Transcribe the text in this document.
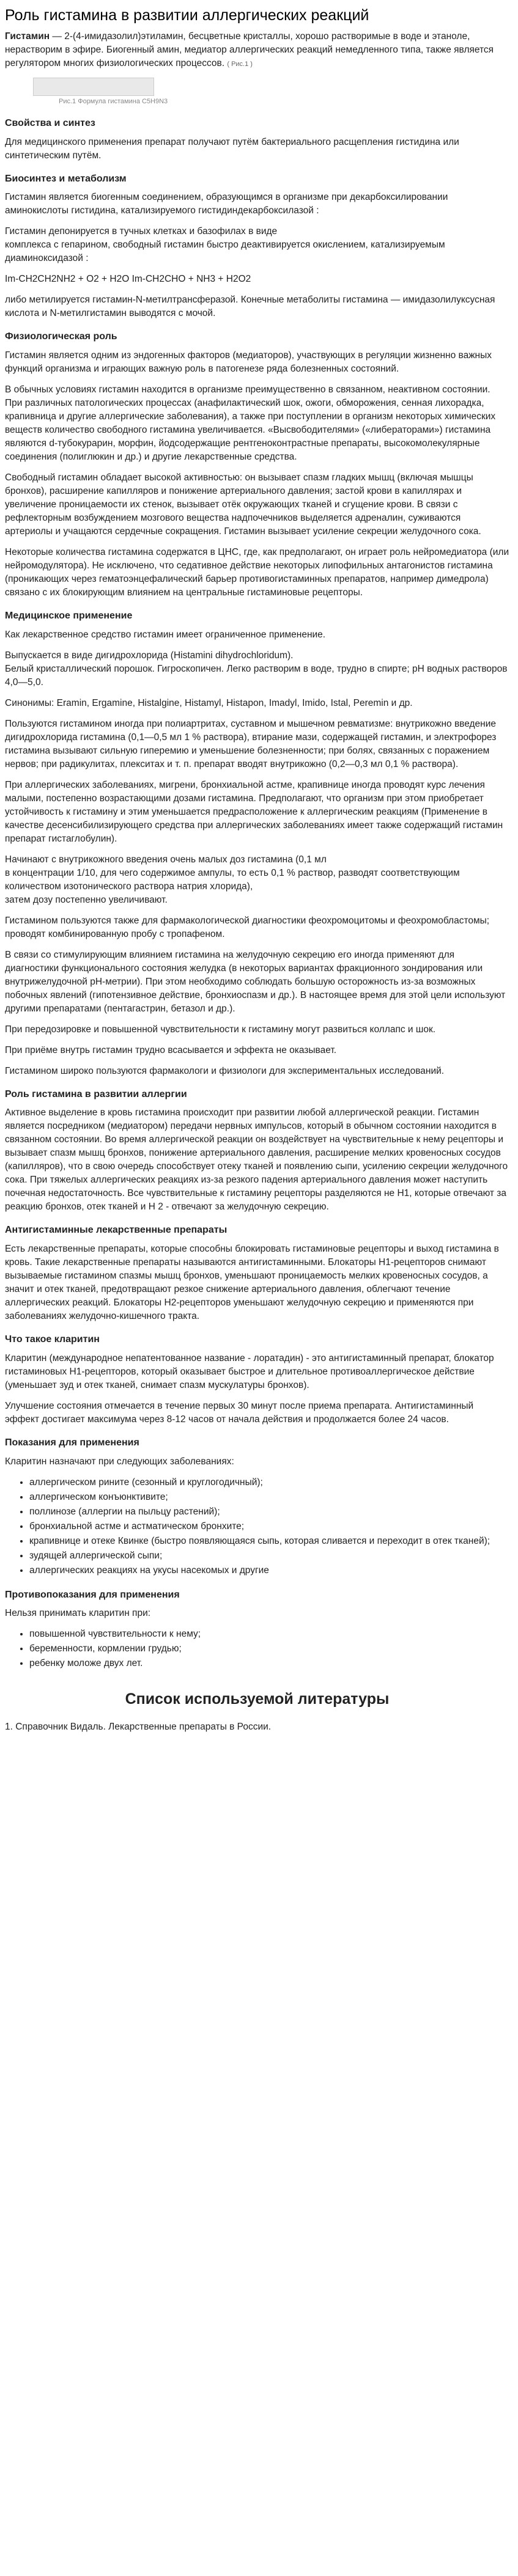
Роль гистамина в развитии аллергических реакций

Гистамин — 2-(4-имидазолил)этиламин, бесцветные кристаллы, хорошо растворимые в воде и этаноле, нерастворим в эфире. Биогенный амин, медиатор аллергических реакций немедленного типа, также является регулятором многих физиологических процессов. ( Рис.1 )

Рис.1 Формула гистамина C5H9N3
Свойства и синтез

Для медицинского применения препарат получают путём бактериального расщепления гистидина или синтетическим путём.

Биосинтез и метаболизм

Гистамин является биогенным соединением, образующимся в организме при декарбоксилировании аминокислоты гистидина, катализируемого гистидиндекарбоксилазой :

Гистамин депонируется в тучных клетках и базофилах в виде
комплекса с гепарином, свободный гистамин быстро деактивируется окислением, катализируемым диаминоксидазой :

Im-CH2CH2NH2 + O2 + H2O Im-CH2CHO + NH3 + H2O2

либо метилируется гистамин-N-метилтрансферазой. Конечные метаболиты гистамина — имидазолилуксусная кислота и N-метилгистамин выводятся с мочой.

Физиологическая роль

Гистамин является одним из эндогенных факторов (медиаторов), участвующих в регуляции жизненно важных функций организма и играющих важную роль в патогенезе ряда болезненных состояний.

В обычных условиях гистамин находится в организме преимущественно в связанном, неактивном состоянии. При различных патологических процессах (анафилактический шок, ожоги, обморожения, сенная лихорадка, крапивница и другие аллергические заболевания), а также при поступлении в организм некоторых химических веществ количество свободного гистамина увеличивается. «Высвободителями» («либераторами») гистамина являются d-тубокурарин, морфин, йодсодержащие рентгеноконтрастные препараты, высокомолекулярные соединения (полиглюкин и др.) и другие лекарственные средства.

Свободный гистамин обладает высокой активностью: он вызывает спазм гладких мышц (включая мышцы бронхов), расширение капилляров и понижение артериального давления; застой крови в капиллярах и увеличение проницаемости их стенок, вызывает отёк окружающих тканей и сгущение крови. В связи с рефлекторным возбуждением мозгового вещества надпочечников выделяется адреналин, суживаются артериолы и учащаются сердечные сокращения. Гистамин вызывает усиление секреции желудочного сока.

Некоторые количества гистамина содержатся в ЦНС, где, как предполагают, он играет роль нейромедиатора (или нейромодулятора). Не исключено, что седативное действие некоторых липофильных антагонистов гистамина (проникающих через гематоэнцефалический барьер противогистаминных препаратов, например димедрола) связано с их блокирующим влиянием на центральные гистаминовые рецепторы.

Медицинское применение

Как лекарственное средство гистамин имеет ограниченное применение.

Выпускается в виде дигидрохлорида (Histamini dihydrochloridum).
Белый кристаллический порошок. Гигроскопичен. Легко растворим в воде, трудно в спирте; pH водных растворов 4,0—5,0.

Синонимы: Eramin, Ergamine, Histalgine, Histamyl, Histapon, Imadyl, Imido, Istal, Peremin и др.

Пользуются гистамином иногда при полиартритах, суставном и мышечном ревматизме: внутрикожно введение дигидрохлорида гистамина (0,1—0,5 мл 1 % раствора), втирание мази, содержащей гистамин, и электрофорез гистамина вызывают сильную гиперемию и уменьшение болезненности; при болях, связанных с поражением нервов; при радикулитах, плекситах и т. п. препарат вводят внутрикожно (0,2—0,3 мл 0,1 % раствора).

При аллергических заболеваниях, мигрени, бронхиальной астме, крапивнице иногда проводят курс лечения малыми, постепенно возрастающими дозами гистамина. Предполагают, что организм при этом приобретает устойчивость к гистамину и этим уменьшается предрасположение к аллергическим реакциям (Применение в качестве десенсибилизирующего средства при аллергических заболеваниях имеет также содержащий гистамин препарат гистаглобулин).

Начинают с внутрикожного введения очень малых доз гистамина (0,1 мл
в концентрации 1/10, для чего содержимое ампулы, то есть 0,1 % раствор, разводят соответствующим количеством изотонического раствора натрия хлорида),
затем дозу постепенно увеличивают.

Гистамином пользуются также для фармакологической диагностики феохромоцитомы и феохромобластомы; проводят комбинированную пробу с тропафеном.

В связи со стимулирующим влиянием гистамина на желудочную секрецию его иногда применяют для диагностики функционального состояния желудка (в некоторых вариантах фракционного зондирования или внутрижелудочной pH-метрии). При этом необходимо соблюдать большую осторожность из-за возможных побочных явлений (гипотензивное действие, бронхиоспазм и др.). В настоящее время для этой цели используют другими препаратами (пентагастрин, бетазол и др.).

При передозировке и повышенной чувствительности к гистамину могут развиться коллапс и шок.

При приёме внутрь гистамин трудно всасывается и эффекта не оказывает.

Гистамином широко пользуются фармакологи и физиологи для экспериментальных исследований.

Роль гистамина в развитии аллергии

Активное выделение в кровь гистамина происходит при развитии любой аллергической реакции. Гистамин является посредником (медиатором) передачи нервных импульсов, который в обычном состоянии находится в связанном состоянии. Во время аллергической реакции он воздействует на чувствительные к нему рецепторы и вызывает спазм мышц бронхов, понижение артериального давления, расширение мелких кровеносных сосудов (капилляров), что в свою очередь способствует отеку тканей и появлению сыпи, усилению секреции желудочного сока. При тяжелых аллергических реакциях из-за резкого падения артериального давления может наступить почечная недостаточность. Все чувствительные к гистамину рецепторы разделяются не Н1, которые отвечают за реакцию бронхов, отек тканей и Н 2 - отвечают за желудочную секрецию.

Антигистаминные лекарственные препараты

Есть лекарственные препараты, которые способны блокировать гистаминовые рецепторы и выход гистамина в кровь. Такие лекарственные препараты называются антигистаминными. Блокаторы Н1-рецепторов снимают вызываемые гистамином спазмы мышц бронхов, уменьшают проницаемость мелких кровеносных сосудов, а значит и отек тканей, предотвращают резкое снижение артериального давления, облегчают течение аллергических реакций. Блокаторы Н2-рецепторов уменьшают желудочную секрецию и применяются при заболеваниях желудочно-кишечного тракта.

Что такое кларитин

Кларитин (международное непатентованное название - лоратадин) - это антигистаминный препарат, блокатор гистаминовых Н1-рецепторов, который оказывает быстрое и длительное противоаллергическое действие (уменьшает зуд и отек тканей, снимает спазм мускулатуры бронхов).

Улучшение состояния отмечается в течение первых 30 минут после приема препарата. Антигистаминный эффект достигает максимума через 8-12 часов от начала действия и продолжается более 24 часов.

Показания для применения

Кларитин назначают при следующих заболеваниях:

• аллергическом рините (сезонный и круглогодичный);
• аллергическом конъюнктивите;
• поллинозе (аллергии на пыльцу растений);
• бронхиальной астме и астматическом бронхите;
• крапивнице и отеке Квинке (быстро появляющаяся сыпь, которая сливается и переходит в отек тканей);
• зудящей аллергической сыпи;
• аллергических реакциях на укусы насекомых и другие
Противопоказания для применения

Нельзя принимать кларитин при:

• повышенной чувствительности к нему;
• беременности, кормлении грудью;
• ребенку моложе двух лет.
Список используемой литературы

1. Справочник Видаль. Лекарственные препараты в России.
